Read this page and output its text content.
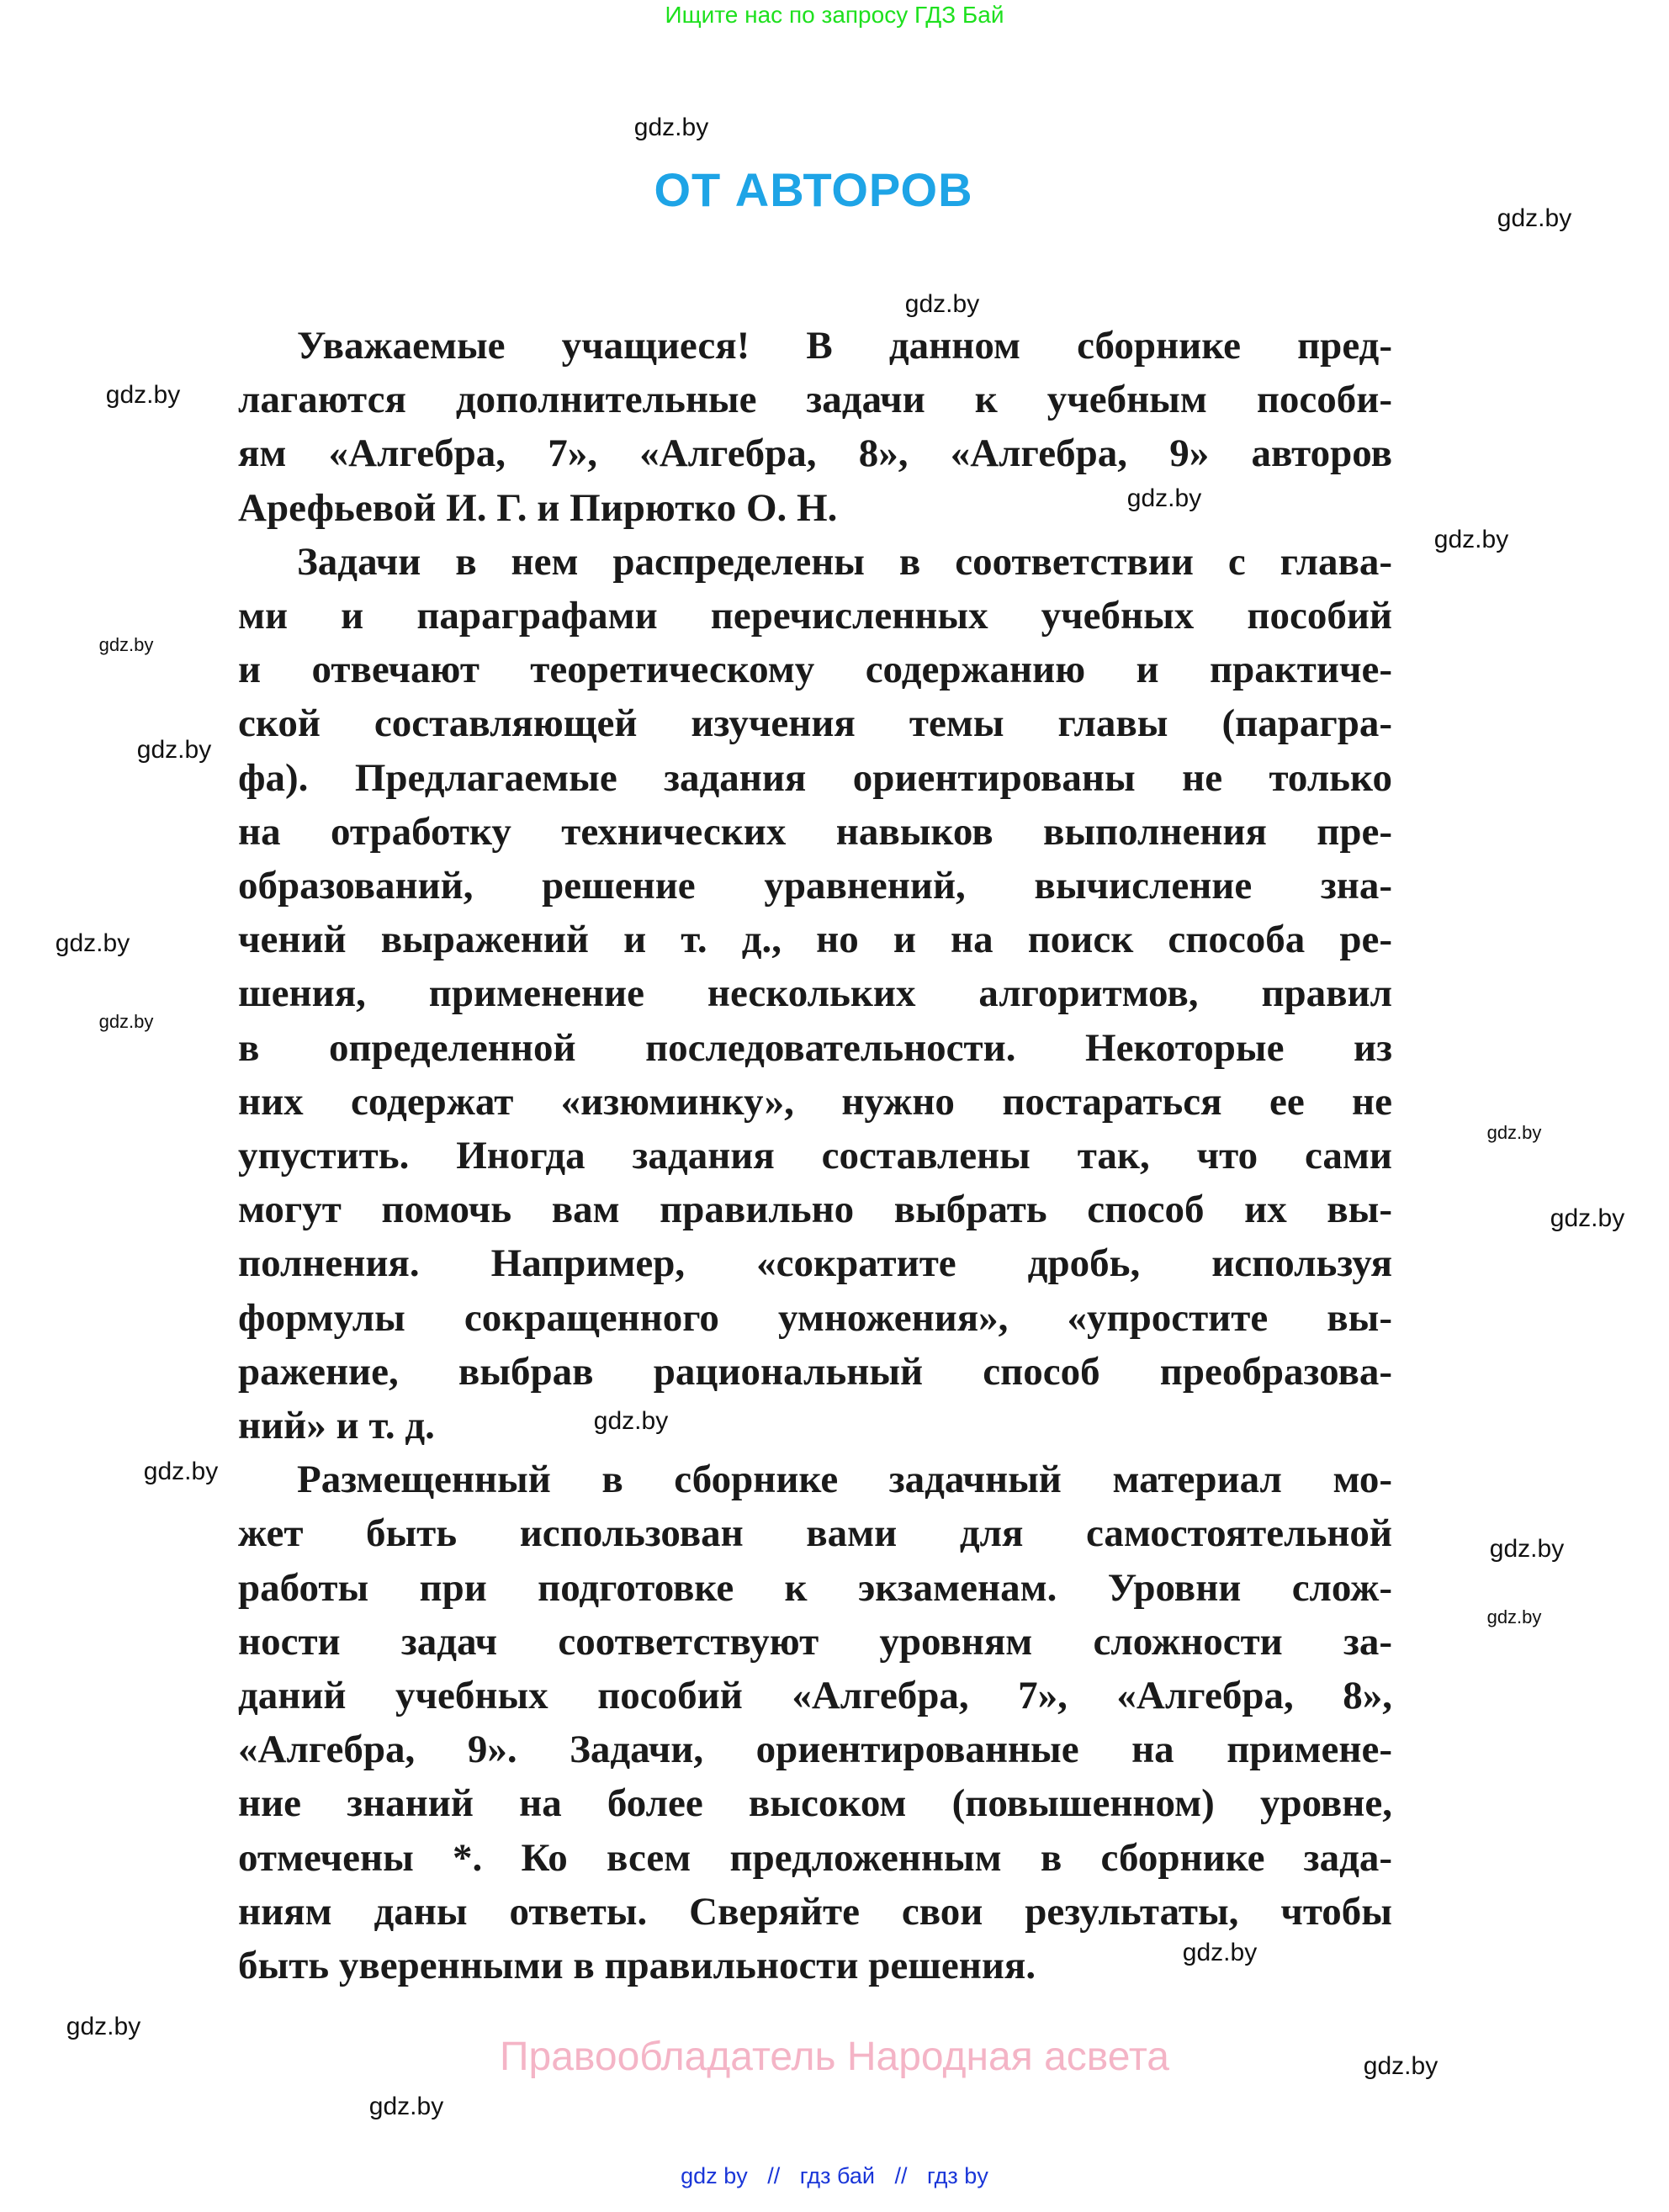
Ищите нас по запросу ГДЗ Бай
ОТ АВТОРОВ
Уважаемые учащиеся! В данном сборнике пред-
лагаются дополнительные задачи к учебным пособи-
ям «Алгебра, 7», «Алгебра, 8», «Алгебра, 9» авторов
Арефьевой И. Г. и Пирютко О. Н.
Задачи в нем распределены в соответствии с глава-
ми и параграфами перечисленных учебных пособий
и отвечают теоретическому содержанию и практиче-
ской составляющей изучения темы главы (парагра-
фа). Предлагаемые задания ориентированы не только
на отработку технических навыков выполнения пре-
образований, решение уравнений, вычисление зна-
чений выражений и т. д., но и на поиск способа ре-
шения, применение нескольких алгоритмов, правил
в определенной последовательности. Некоторые из
них содержат «изюминку», нужно постараться ее не
упустить. Иногда задания составлены так, что сами
могут помочь вам правильно выбрать способ их вы-
полнения. Например, «сократите дробь, используя
формулы сокращенного умножения», «упростите вы-
ражение, выбрав рациональный способ преобразова-
ний» и т. д.
Размещенный в сборнике задачный материал мо-
жет быть использован вами для самостоятельной
работы при подготовке к экзаменам. Уровни слож-
ности задач соответствуют уровням сложности за-
даний учебных пособий «Алгебра, 7», «Алгебра, 8»,
«Алгебра, 9». Задачи, ориентированные на примене-
ние знаний на более высоком (повышенном) уровне,
отмечены *. Ко всем предложенным в сборнике зада-
ниям даны ответы. Сверяйте свои результаты, чтобы
быть уверенными в правильности решения.
gdz.by
gdz.by
gdz.by
gdz.by
gdz.by
gdz.by
gdz.by
gdz.by
gdz.by
gdz.by
gdz.by
gdz.by
gdz.by
gdz.by
gdz.by
gdz.by
gdz.by
gdz.by
gdz.by
gdz.by
Правообладатель Народная асвета
gdz by // гдз бай // гдз by
